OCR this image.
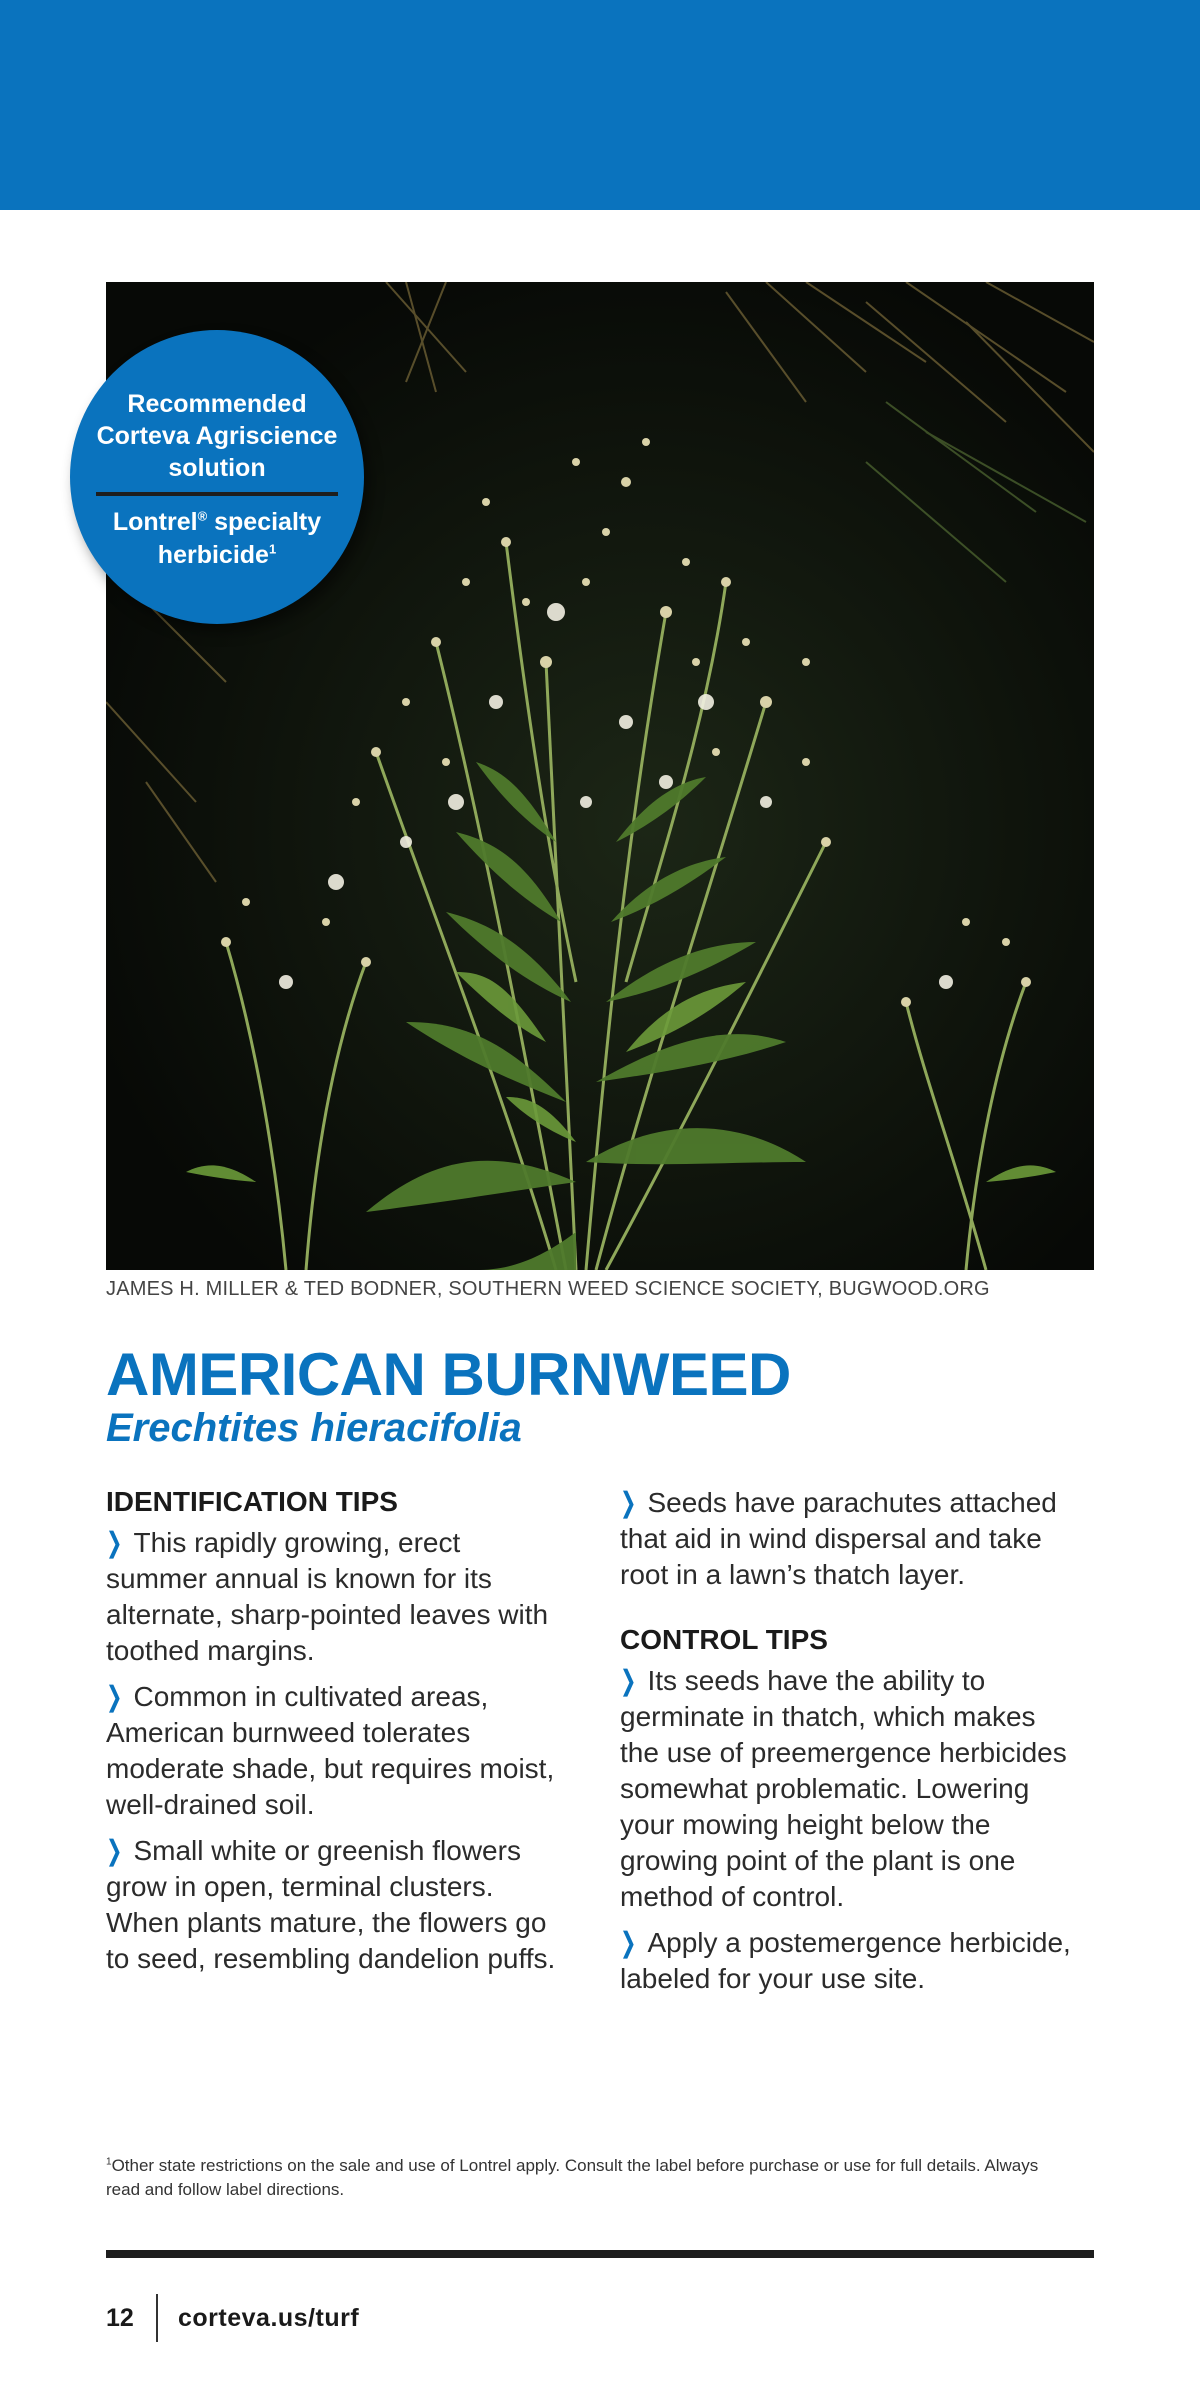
Recommended
Corteva Agriscience
solution
Lontrel® specialty
herbicide$^1$
JAMES H. MILLER & TED BODNER, SOUTHERN WEED SCIENCE SOCIETY, BUGWOOD.ORG
AMERICAN BURNWEED
Erechtites hieracifolia
IDENTIFICATION TIPS

❯ This rapidly growing, erect summer annual is known for its alternate, sharp-pointed leaves with toothed margins.

❯ Common in cultivated areas, American burnweed tolerates moderate shade, but requires moist, well-drained soil.

❯ Small white or greenish flowers grow in open, terminal clusters. When plants mature, the flowers go to seed, resembling dandelion puffs.

❯ Seeds have parachutes attached that aid in wind dispersal and take root in a lawn’s thatch layer.

CONTROL TIPS

❯ Its seeds have the ability to germinate in thatch, which makes the use of preemergence herbicides somewhat problematic. Lowering your mowing height below the growing point of the plant is one method of control.

❯ Apply a postemergence herbicide, labeled for your use site.

$^1$Other state restrictions on the sale and use of Lontrel apply. Consult the label before purchase or use for full details. Always read and follow label directions.
12 corteva.us/turf
